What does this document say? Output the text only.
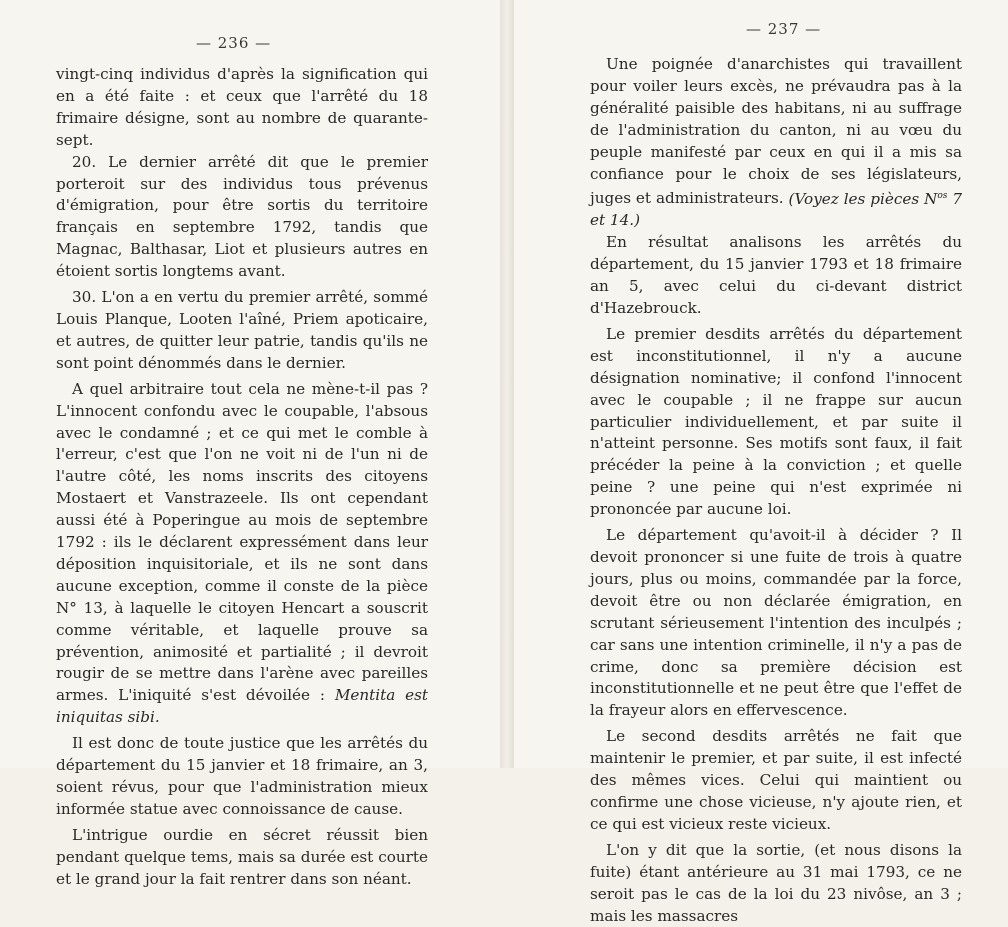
— 236 —

vingt-cinq individus d'après la signification qui en a été faite : et ceux que l'arrêté du 18 frimaire désigne, sont au nombre de quarante-sept.

20. Le dernier arrêté dit que le premier porteroit sur des individus tous prévenus d'émigration, pour être sortis du territoire français en septembre 1792, tandis que Magnac, Balthasar, Liot et plusieurs autres en étoient sortis longtems avant.

30. L'on a en vertu du premier arrêté, sommé Louis Planque, Looten l'aîné, Priem apoticaire, et autres, de quitter leur patrie, tandis qu'ils ne sont point dénommés dans le dernier.

A quel arbitraire tout cela ne mène-t-il pas ? L'innocent confondu avec le coupable, l'absous avec le condamné ; et ce qui met le comble à l'erreur, c'est que l'on ne voit ni de l'un ni de l'autre côté, les noms inscrits des citoyens Mostaert et Vanstrazeele. Ils ont cependant aussi été à Poperingue au mois de septembre 1792 : ils le déclarent expressément dans leur déposition inquisitoriale, et ils ne sont dans aucune exception, comme il conste de la pièce N° 13, à laquelle le citoyen Hencart a souscrit comme véritable, et laquelle prouve sa prévention, animosité et partialité ; il devroit rougir de se mettre dans l'arène avec pareilles armes. L'iniquité s'est dévoilée : Mentita est iniquitas sibi.

Il est donc de toute justice que les arrêtés du département du 15 janvier et 18 frimaire, an 3, soient révus, pour que l'administration mieux informée statue avec connoissance de cause.

L'intrigue ourdie en sécret réussit bien pendant quelque tems, mais sa durée est courte et le grand jour la fait rentrer dans son néant.

— 237 —

Une poignée d'anarchistes qui travaillent pour voiler leurs excès, ne prévaudra pas à la généralité paisible des habitans, ni au suffrage de l'administration du canton, ni au vœu du peuple manifesté par ceux en qui il a mis sa confiance pour le choix de ses législateurs, juges et administrateurs. (Voyez les pièces $N^{os}$ 7 et 14.)

En résultat analisons les arrêtés du département, du 15 janvier 1793 et 18 frimaire an 5, avec celui du ci-devant district d'Hazebrouck.

Le premier desdits arrêtés du département est inconstitutionnel, il n'y a aucune désignation nominative; il confond l'innocent avec le coupable ; il ne frappe sur aucun particulier individuellement, et par suite il n'atteint personne. Ses motifs sont faux, il fait précéder la peine à la conviction ; et quelle peine ? une peine qui n'est exprimée ni prononcée par aucune loi.

Le département qu'avoit-il à décider ? Il devoit prononcer si une fuite de trois à quatre jours, plus ou moins, commandée par la force, devoit être ou non déclarée émigration, en scrutant sérieusement l'intention des inculpés ; car sans une intention criminelle, il n'y a pas de crime, donc sa première décision est inconstitutionnelle et ne peut être que l'effet de la frayeur alors en effervescence.

Le second desdits arrêtés ne fait que maintenir le premier, et par suite, il est infecté des mêmes vices. Celui qui maintient ou confirme une chose vicieuse, n'y ajoute rien, et ce qui est vicieux reste vicieux.

L'on y dit que la sortie, (et nous disons la fuite) étant antérieure au 31 mai 1793, ce ne seroit pas le cas de la loi du 23 nivôse, an 3 ; mais les massacres
